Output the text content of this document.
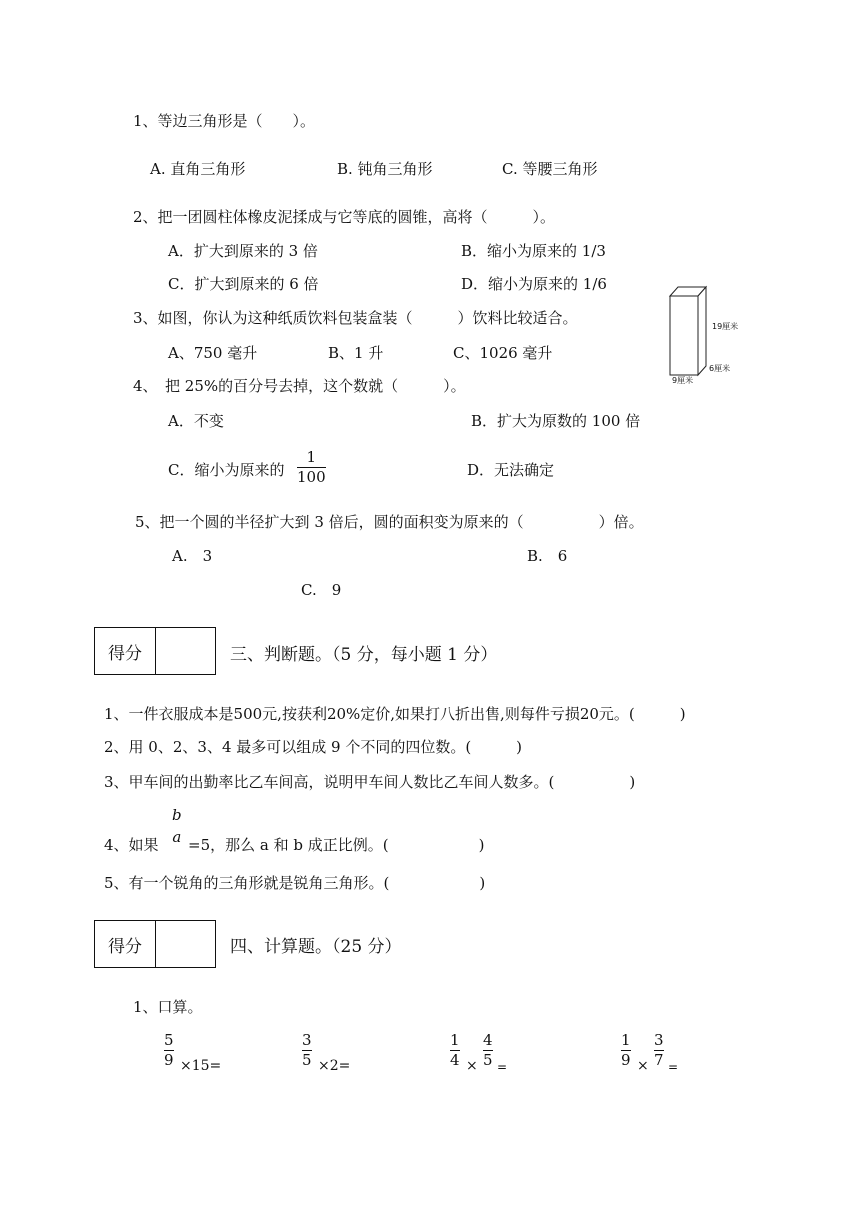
1、等边三角形是（　　）。
A. 直角三角形	B. 钝角三角形	C. 等腰三角形
2、把一团圆柱体橡皮泥揉成与它等底的圆锥，高将（　　　）。
A．扩大到原来的 3 倍	B．缩小为原来的 1/3
C．扩大到原来的 6 倍	D．缩小为原来的 1/6
3、如图，你认为这种纸质饮料包装盒装（　　　）饮料比较适合。
A、750 毫升	B、1 升	C、1026 毫升
19厘米
6厘米
9厘米
4、　把 25%的百分号去掉，这个数就（　　　）。
A．不变	B．扩大为原数的 100 倍
C．缩小为原来的
1
100	D．无法确定
5、把一个圆的半径扩大到 3 倍后，圆的面积变为原来的（　　　　　）倍。
A.　3	B.　6
C.　9
得分	三、判断题。（5 分，每小题 1 分）
1、一件衣服成本是500元,按获利20%定价,如果打八折出售,则每件亏损20元。(　　　)
2、用 0、2、3、4 最多可以组成 9 个不同的四位数。(　　　)
3、甲车间的出勤率比乙车间高，说明甲车间人数比乙车间人数多。(　　　　　)
4、如果
b
a =5，那么 a 和 b 成正比例。(　　　　　　)
5、有一个锐角的三角形就是锐角三角形。(　　　　　　)
得分	四、计算题。（25 分）
1、口算。
5
9 ×15=
3
5 ×2=
1
4 ×
4
5 =
1
9 ×
3
7 =
